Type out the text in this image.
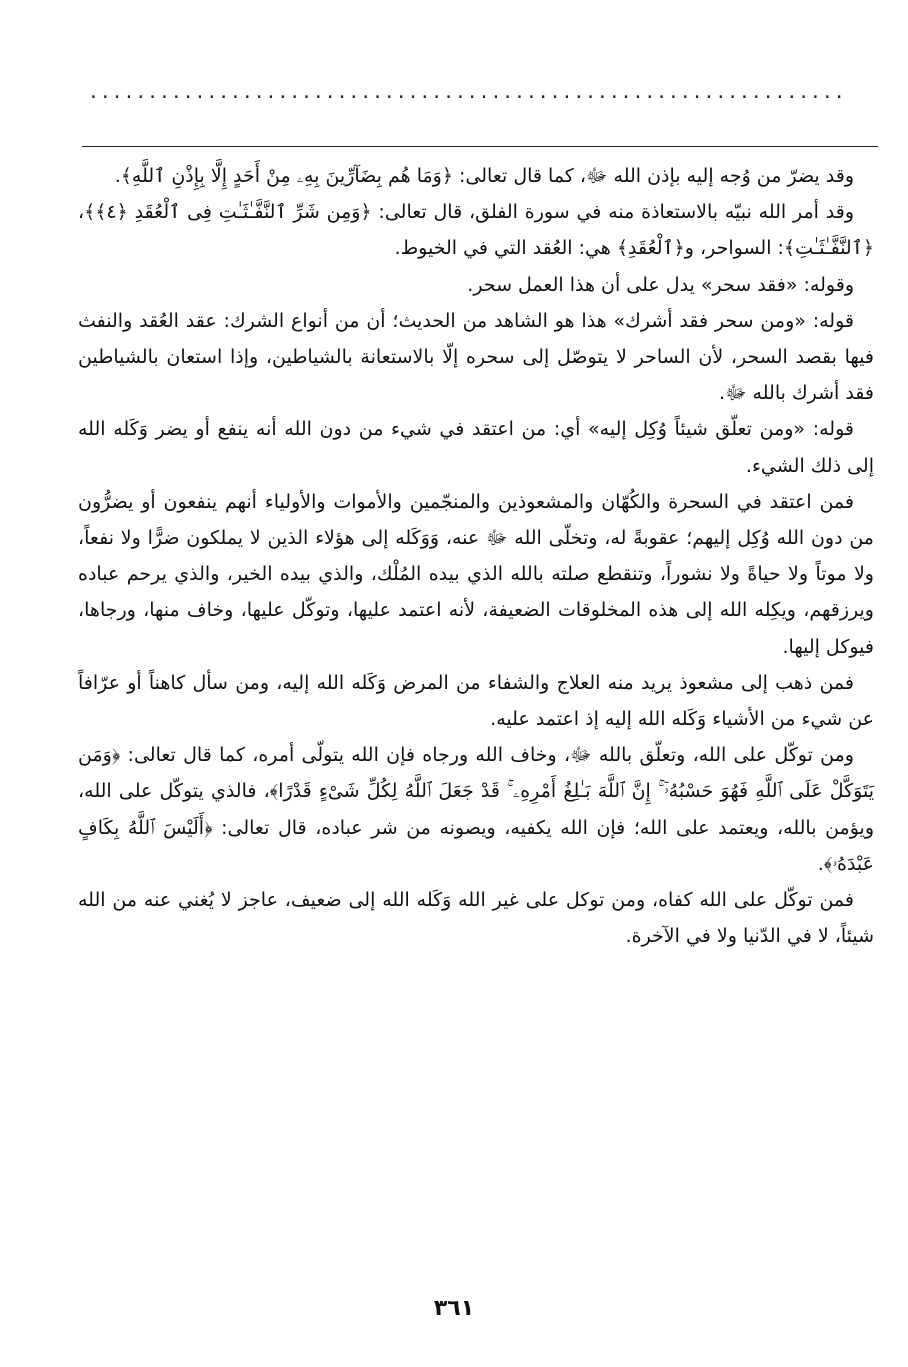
................................................................

وقد يضرّ من وُجه إليه بإذن الله ﷻ، كما قال تعالى: ﴿وَمَا هُم بِضَآرِّينَ بِهِۦ مِنْ أَحَدٍ إِلَّا بِإِذْنِ ٱللَّهِ﴾.

وقد أمر الله نبيّه بالاستعاذة منه في سورة الفلق، قال تعالى: ﴿وَمِن شَرِّ ٱلنَّفَّـٰثَـٰتِ فِى ٱلْعُقَدِ ﴿٤﴾﴾، ﴿ٱلنَّفَّـٰثَـٰتِ﴾: السواحر، و﴿ٱلْعُقَدِ﴾ هي: العُقد التي في الخيوط.

وقوله: «فقد سحر» يدل على أن هذا العمل سحر.

قوله: «ومن سحر فقد أشرك» هذا هو الشاهد من الحديث؛ أن من أنواع الشرك: عقد العُقد والنفث فيها بقصد السحر، لأن الساحر لا يتوصّل إلى سحره إلّا بالاستعانة بالشياطين، وإذا استعان بالشياطين فقد أشرك بالله ﷻ.

قوله: «ومن تعلّق شيئاً وُكِل إليه» أي: من اعتقد في شيء من دون الله أنه ينفع أو يضر وَكَله الله إلى ذلك الشيء.

فمن اعتقد في السحرة والكُهّان والمشعوذين والمنجّمين والأموات والأولياء أنهم ينفعون أو يضرُّون من دون الله وُكِل إليهم؛ عقوبةً له، وتخلّى الله ﷻ عنه، وَوَكَله إلى هؤلاء الذين لا يملكون ضرًّا ولا نفعاً، ولا موتاً ولا حياةً ولا نشوراً، وتنقطع صلته بالله الذي بيده المُلْك، والذي بيده الخير، والذي يرحم عباده ويرزقهم، ويكِله الله إلى هذه المخلوقات الضعيفة، لأنه اعتمد عليها، وتوكّل عليها، وخاف منها، ورجاها، فيوكل إليها.

فمن ذهب إلى مشعوذ يريد منه العلاج والشفاء من المرض وَكَله الله إليه، ومن سأل كاهناً أو عرّافاً عن شيء من الأشياء وَكَله الله إليه إذ اعتمد عليه.

ومن توكّل على الله، وتعلّق بالله ﷻ، وخاف الله ورجاه فإن الله يتولّى أمره، كما قال تعالى: ﴿وَمَن يَتَوَكَّلْ عَلَى ٱللَّهِ فَهُوَ حَسْبُهُۥٓ ۚ إِنَّ ٱللَّهَ بَـٰلِغُ أَمْرِهِۦ ۚ قَدْ جَعَلَ ٱللَّهُ لِكُلِّ شَىْءٍ قَدْرًا﴾، فالذي يتوكّل على الله، ويؤمن بالله، ويعتمد على الله؛ فإن الله يكفيه، ويصونه من شر عباده، قال تعالى: ﴿أَلَيْسَ ٱللَّهُ بِكَافٍ عَبْدَهُۥ﴾.

فمن توكّل على الله كفاه، ومن توكل على غير الله وَكَله الله إلى ضعيف، عاجز لا يُغني عنه من الله شيئاً، لا في الدّنيا ولا في الآخرة.

٣٦١
